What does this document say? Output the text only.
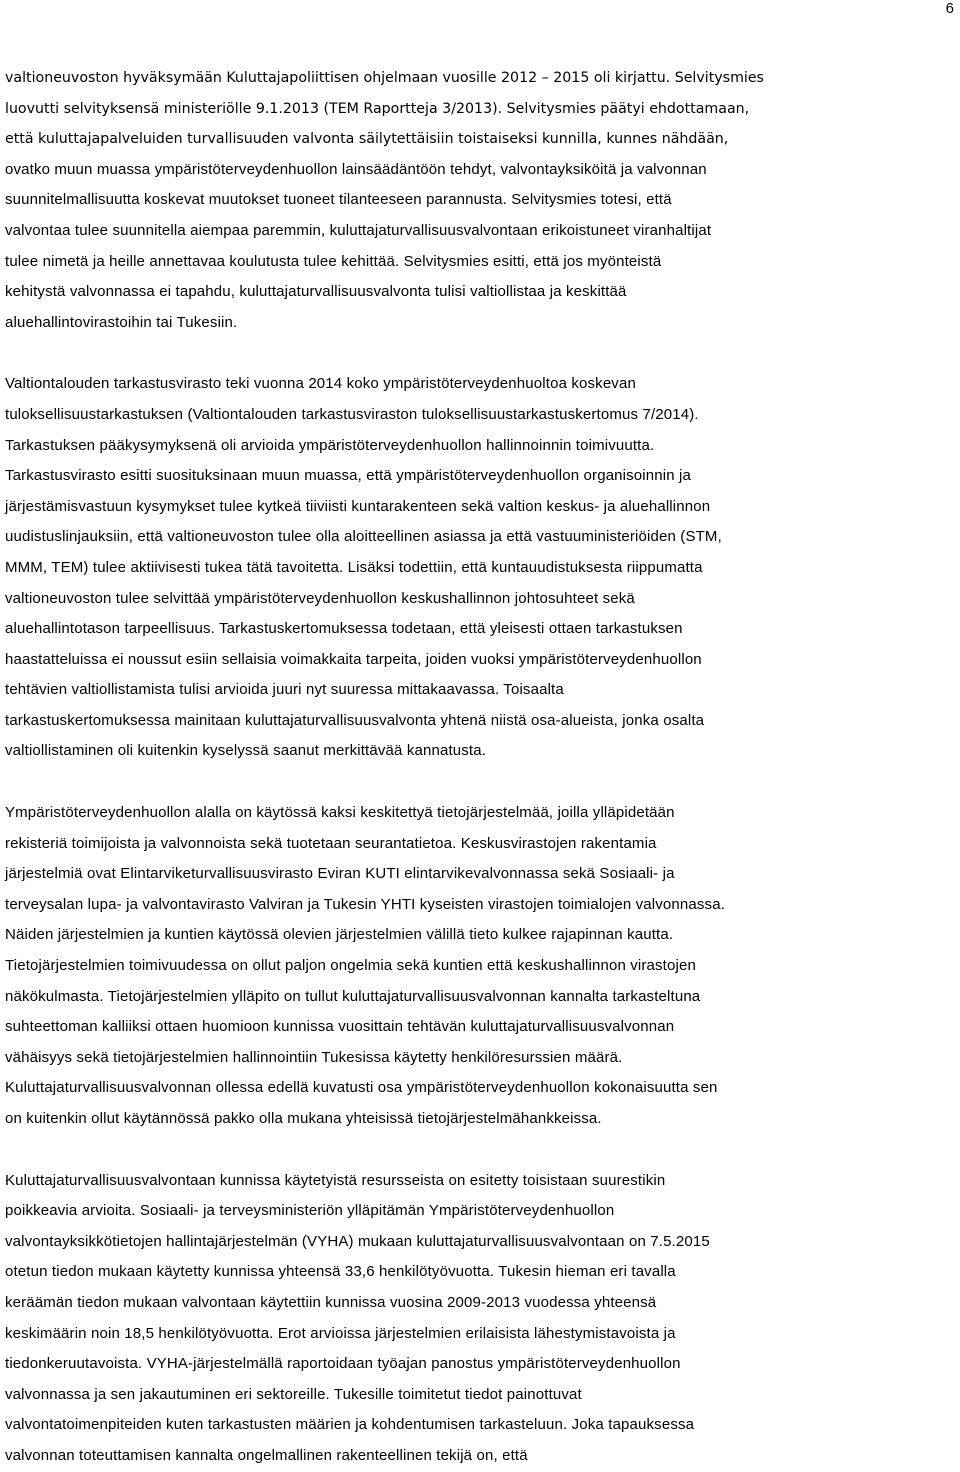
6

valtioneuvoston hyväksymään Kuluttajapoliittisen ohjelmaan vuosille 2012 – 2015 oli kirjattu. Selvitysmies
luovutti selvityksensä ministeriölle 9.1.2013 (TEM Raportteja 3/2013). Selvitysmies päätyi ehdottamaan,
että kuluttajapalveluiden turvallisuuden valvonta säilytettäisiin toistaiseksi kunnilla, kunnes nähdään,
ovatko muun muassa ympäristöterveydenhuollon lainsäädäntöön tehdyt, valvontayksiköitä ja valvonnan
suunnitelmallisuutta koskevat muutokset tuoneet tilanteeseen parannusta. Selvitysmies totesi, että
valvontaa tulee suunnitella aiempaa paremmin, kuluttajaturvallisuusvalvontaan erikoistuneet viranhaltijat
tulee nimetä ja heille annettavaa koulutusta tulee kehittää. Selvitysmies esitti, että jos myönteistä
kehitystä valvonnassa ei tapahdu, kuluttajaturvallisuusvalvonta tulisi valtiollistaa ja keskittää
aluehallintovirastoihin tai Tukesiin.

Valtiontalouden tarkastusvirasto teki vuonna 2014 koko ympäristöterveydenhuoltoa koskevan
tuloksellisuustarkastuksen (Valtiontalouden tarkastusviraston tuloksellisuustarkastuskertomus 7/2014).
Tarkastuksen pääkysymyksenä oli arvioida ympäristöterveydenhuollon hallinnoinnin toimivuutta.
Tarkastusvirasto esitti suosituksinaan muun muassa, että ympäristöterveydenhuollon organisoinnin ja
järjestämisvastuun kysymykset tulee kytkeä tiiviisti kuntarakenteen sekä valtion keskus- ja aluehallinnon
uudistuslinjauksiin, että valtioneuvoston tulee olla aloitteellinen asiassa ja että vastuuministeriöiden (STM,
MMM, TEM) tulee aktiivisesti tukea tätä tavoitetta. Lisäksi todettiin, että kuntauudistuksesta riippumatta
valtioneuvoston tulee selvittää ympäristöterveydenhuollon keskushallinnon johtosuhteet sekä
aluehallintotason tarpeellisuus. Tarkastuskertomuksessa todetaan, että yleisesti ottaen tarkastuksen
haastatteluissa ei noussut esiin sellaisia voimakkaita tarpeita, joiden vuoksi ympäristöterveydenhuollon
tehtävien valtiollistamista tulisi arvioida juuri nyt suuressa mittakaavassa. Toisaalta
tarkastuskertomuksessa mainitaan kuluttajaturvallisuusvalvonta yhtenä niistä osa-alueista, jonka osalta
valtiollistaminen oli kuitenkin kyselyssä saanut merkittävää kannatusta.

Ympäristöterveydenhuollon alalla on käytössä kaksi keskitettyä tietojärjestelmää, joilla ylläpidetään
rekisteriä toimijoista ja valvonnoista sekä tuotetaan seurantatietoa. Keskusvirastojen rakentamia
järjestelmiä ovat Elintarviketurvallisuusvirasto Eviran KUTI elintarvikevalvonnassa sekä Sosiaali- ja
terveysalan lupa- ja valvontavirasto Valviran ja Tukesin YHTI kyseisten virastojen toimialojen valvonnassa.
Näiden järjestelmien ja kuntien käytössä olevien järjestelmien välillä tieto kulkee rajapinnan kautta.
Tietojärjestelmien toimivuudessa on ollut paljon ongelmia sekä kuntien että keskushallinnon virastojen
näkökulmasta. Tietojärjestelmien ylläpito on tullut kuluttajaturvallisuusvalvonnan kannalta tarkasteltuna
suhteettoman kalliiksi ottaen huomioon kunnissa vuosittain tehtävän kuluttajaturvallisuusvalvonnan
vähäisyys sekä tietojärjestelmien hallinnointiin Tukesissa käytetty henkilöresurssien määrä.
Kuluttajaturvallisuusvalvonnan ollessa edellä kuvatusti osa ympäristöterveydenhuollon kokonaisuutta sen
on kuitenkin ollut käytännössä pakko olla mukana yhteisissä tietojärjestelmähankkeissa.

Kuluttajaturvallisuusvalvontaan kunnissa käytetyistä resursseista on esitetty toisistaan suurestikin
poikkeavia arvioita. Sosiaali- ja terveysministeriön ylläpitämän Ympäristöterveydenhuollon
valvontayksikkötietojen hallintajärjestelmän (VYHA) mukaan kuluttajaturvallisuusvalvontaan on 7.5.2015
otetun tiedon mukaan käytetty kunnissa yhteensä 33,6 henkilötyövuotta. Tukesin hieman eri tavalla
keräämän tiedon mukaan valvontaan käytettiin kunnissa vuosina 2009-2013 vuodessa yhteensä
keskimäärin noin 18,5 henkilötyövuotta. Erot arvioissa järjestelmien erilaisista lähestymistavoista ja
tiedonkeruutavoista. VYHA-järjestelmällä raportoidaan työajan panostus ympäristöterveydenhuollon
valvonnassa ja sen jakautuminen eri sektoreille. Tukesille toimitetut tiedot painottuvat
valvontatoimenpiteiden kuten tarkastusten määrien ja kohdentumisen tarkasteluun. Joka tapauksessa
valvonnan toteuttamisen kannalta ongelmallinen rakenteellinen tekijä on, että
